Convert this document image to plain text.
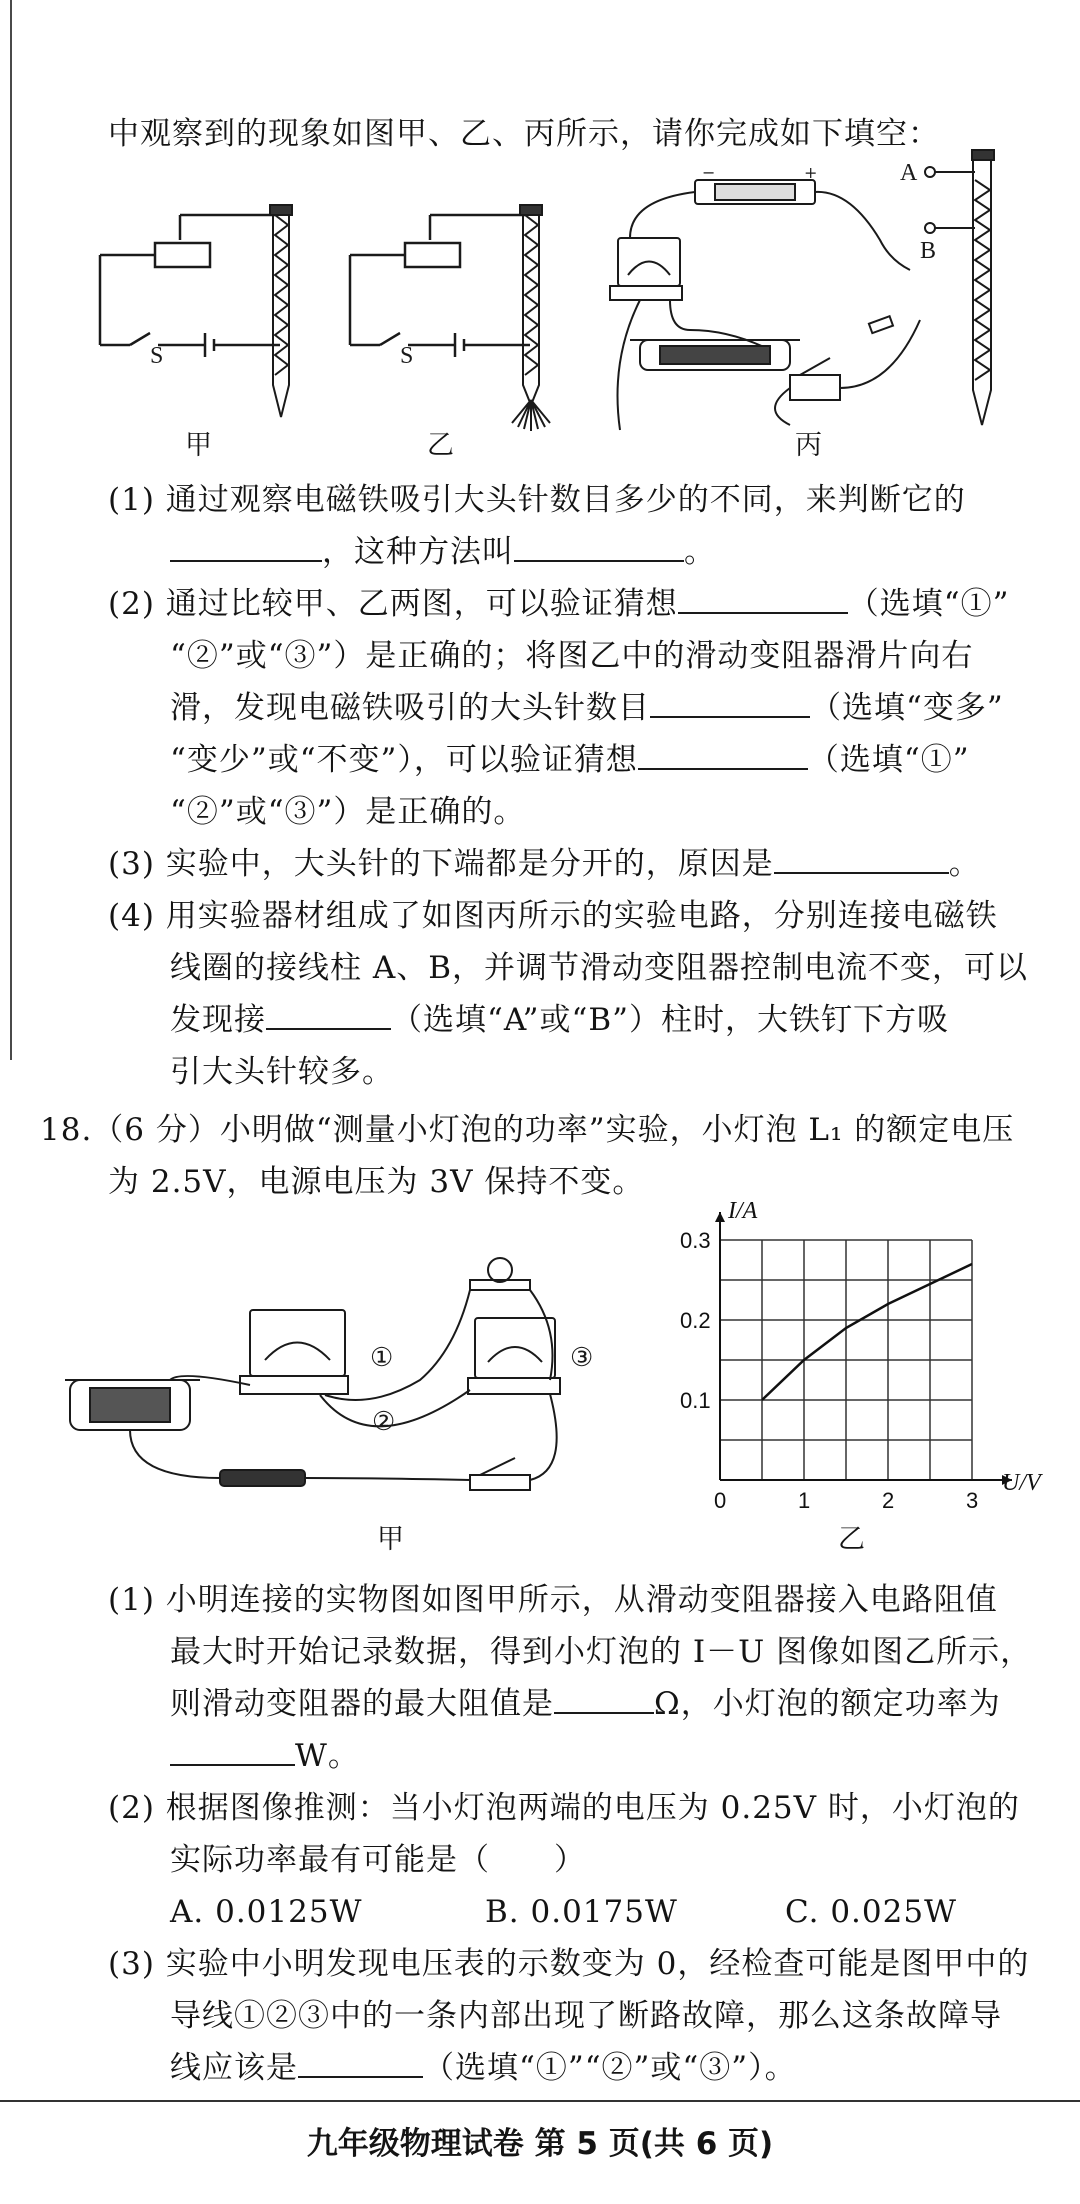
中观察到的现象如图甲、乙、丙所示，请你完成如下填空：
S	S
−	+	A
B
甲	乙	丙
(1) 通过观察电磁铁吸引大头针数目多少的不同，来判断它的
，这种方法叫	。
(2) 通过比较甲、乙两图，可以验证猜想	（选填“①”
“②”或“③”）是正确的；将图乙中的滑动变阻器滑片向右
滑，发现电磁铁吸引的大头针数目	（选填“变多”
“变少”或“不变”），可以验证猜想	（选填“①”
“②”或“③”）是正确的。
(3) 实验中，大头针的下端都是分开的，原因是	。
(4) 用实验器材组成了如图丙所示的实验电路，分别连接电磁铁
线圈的接线柱 A、B，并调节滑动变阻器控制电流不变，可以
发现接	（选填“A”或“B”）柱时，大铁钉下方吸
引大头针较多。
18.（6 分）小明做“测量小灯泡的功率”实验，小灯泡 L₁ 的额定电压
为 2.5V，电源电压为 3V 保持不变。
①
②
③
甲
0	1	2	3
0.1
0.2
0.3
U/V
I/A
乙
(1) 小明连接的实物图如图甲所示，从滑动变阻器接入电路阻值
最大时开始记录数据，得到小灯泡的 I－U 图像如图乙所示，
则滑动变阻器的最大阻值是	Ω，小灯泡的额定功率为
W。
(2) 根据图像推测：当小灯泡两端的电压为 0.25V 时，小灯泡的
实际功率最有可能是（　　）
A. 0.0125W	B. 0.0175W	C. 0.025W
(3) 实验中小明发现电压表的示数变为 0，经检查可能是图甲中的
导线①②③中的一条内部出现了断路故障，那么这条故障导
线应该是	（选填“①”“②”或“③”）。
九年级物理试卷 第 5 页(共 6 页)
